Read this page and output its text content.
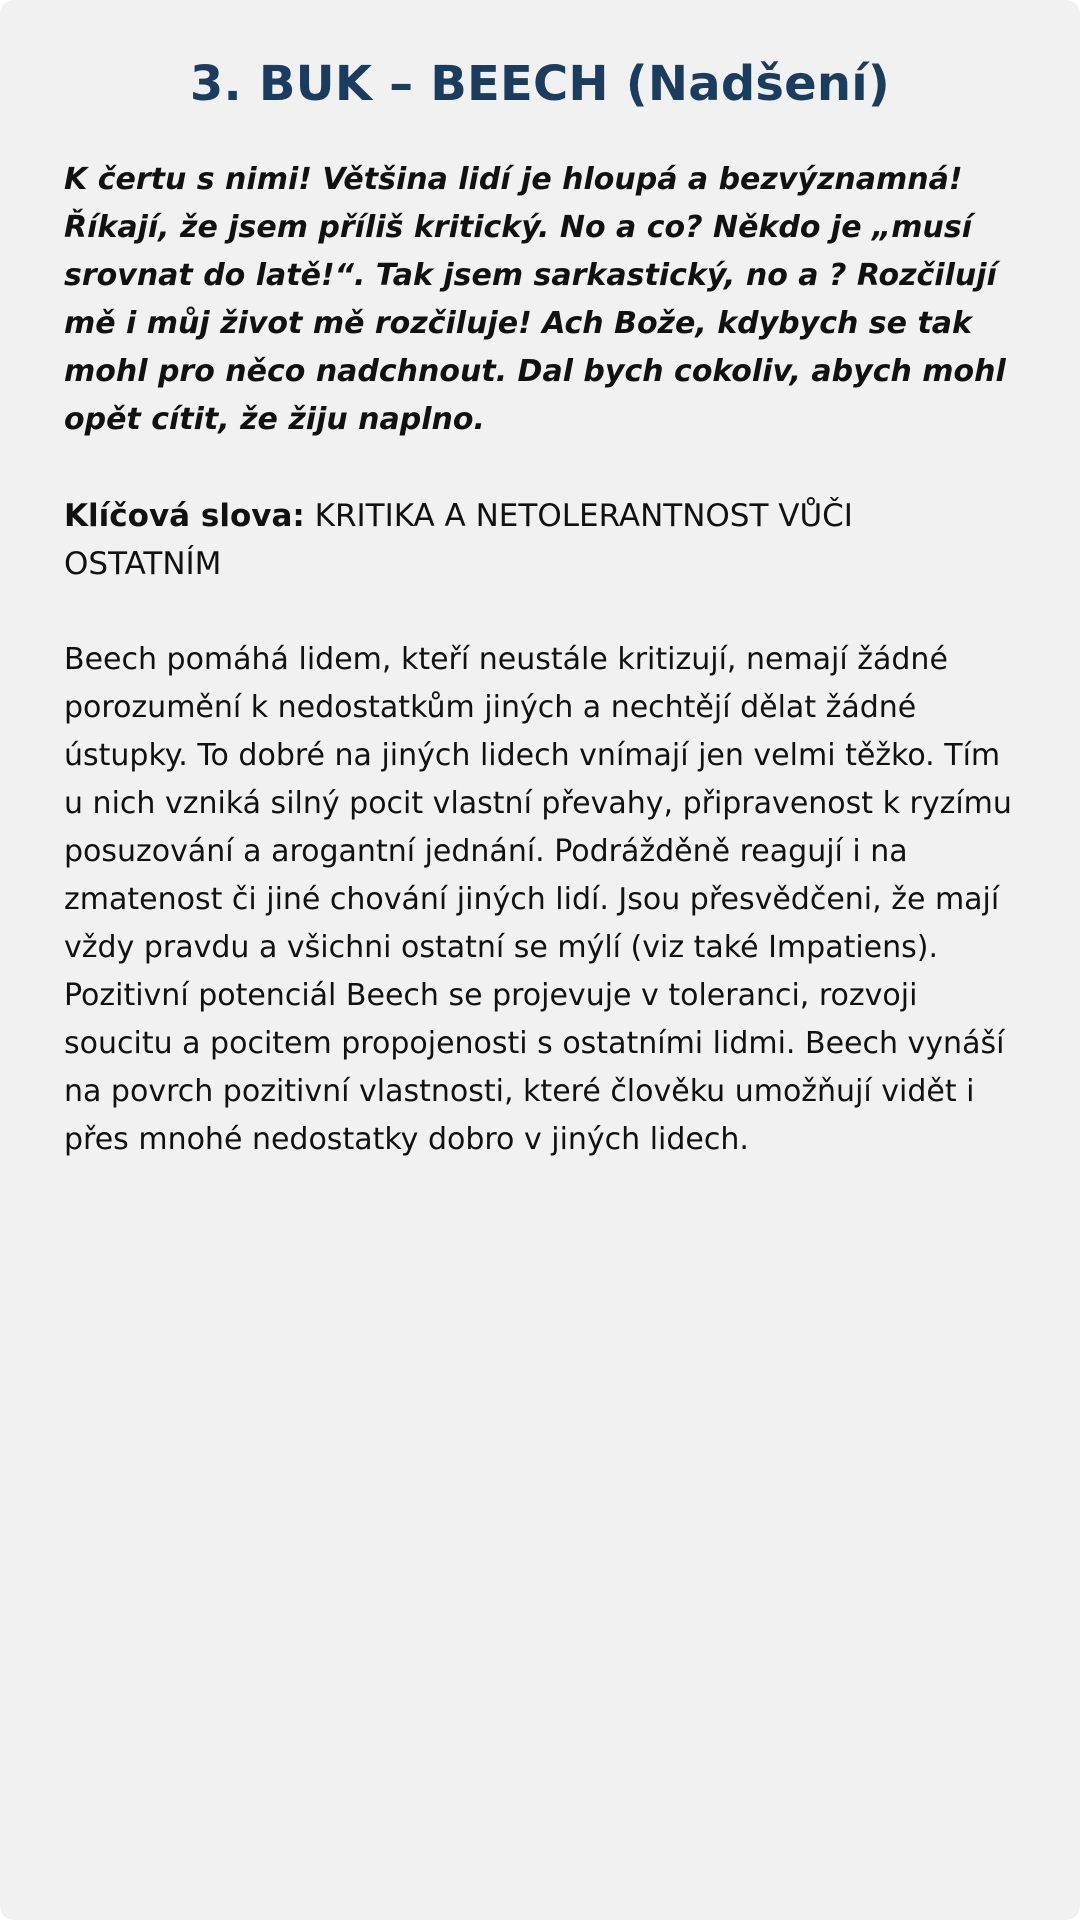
3. BUK – BEECH (Nadšení)

K čertu s nimi! Většina lidí je hloupá a bezvýznamná! Říkají, že jsem příliš kritický. No a co? Někdo je „musí srovnat do latě!“. Tak jsem sarkastický, no a ? Rozčilují mě i můj život mě rozčiluje! Ach Bože, kdybych se tak mohl pro něco nadchnout. Dal bych cokoliv, abych mohl opět cítit, že žiju naplno.

Klíčová slova: KRITIKA A NETOLERANTNOST VŮČI OSTATNÍM

Beech pomáhá lidem, kteří neustále kritizují, nemají žádné porozumění k nedostatkům jiných a nechtějí dělat žádné ústupky. To dobré na jiných lidech vnímají jen velmi těžko. Tím u nich vzniká silný pocit vlastní převahy, připravenost k ryzímu posuzování a arogantní jednání. Podrážděně reagují i na zmatenost či jiné chování jiných lidí. Jsou přesvědčeni, že mají vždy pravdu a všichni ostatní se mýlí (viz také Impatiens). Pozitivní potenciál Beech se projevuje v toleranci, rozvoji soucitu a pocitem propojenosti s ostatními lidmi. Beech vynáší na povrch pozitivní vlastnosti, které člověku umožňují vidět i přes mnohé nedostatky dobro v jiných lidech.
